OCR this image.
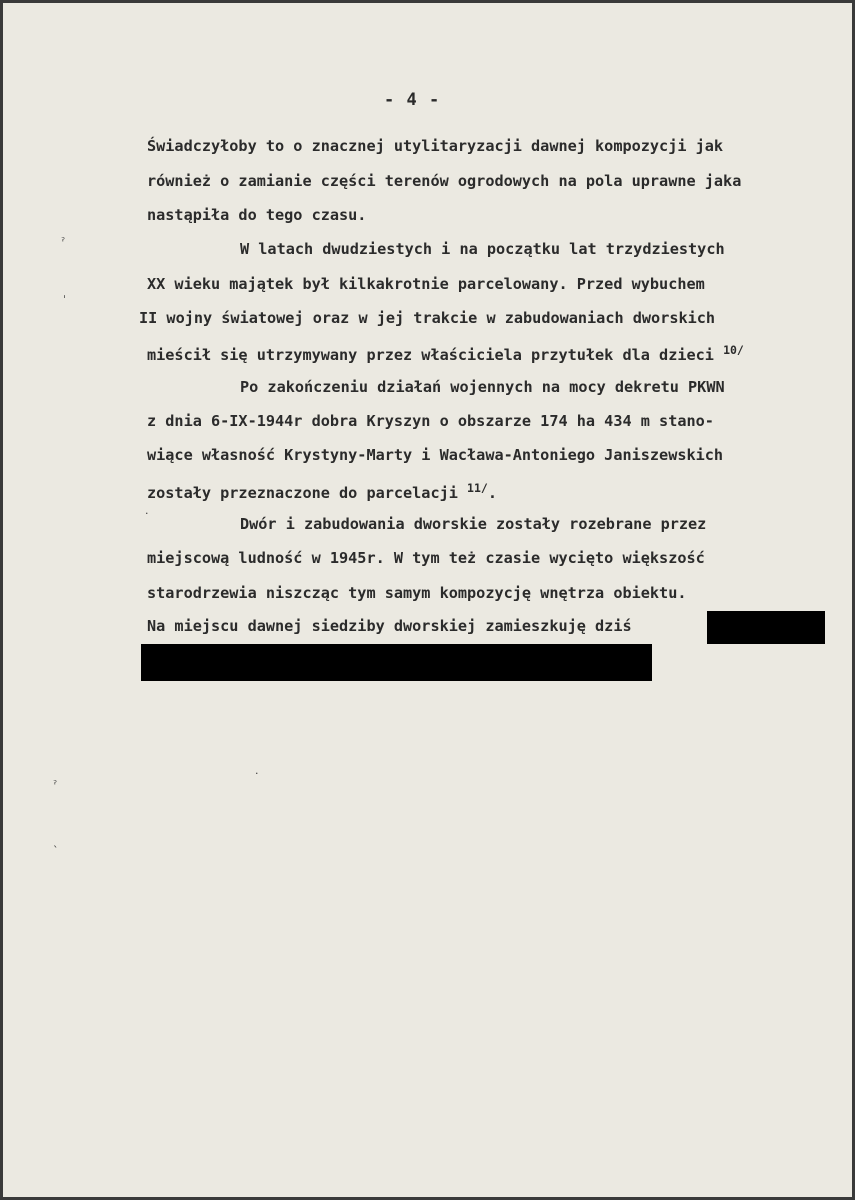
- 4 -
Świadczyłoby to o znacznej utylitaryzacji dawnej kompozycji jak
również o zamianie części terenów ogrodowych na pola uprawne jaka
nastąpiła do tego czasu.
W latach dwudziestych i na początku lat trzydziestych
XX wieku majątek był kilkakrotnie parcelowany. Przed wybuchem
II wojny światowej oraz w jej trakcie w zabudowaniach dworskich
mieścił się utrzymywany przez właściciela przytułek dla dzieci $^{10/}$
Po zakończeniu działań wojennych na mocy dekretu PKWN
z dnia 6-IX-1944r dobra Kryszyn o obszarze 174 ha 434 m stano-
wiące własność Krystyny-Marty i Wacława-Antoniego Janiszewskich
zostały przeznaczone do parcelacji $^{11/}$.
Dwór i zabudowania dworskie zostały rozebrane przez
miejscową ludność w 1945r. W tym też czasie wycięto większość
starodrzewia niszcząc tym samym kompozycję wnętrza obiektu.
Na miejscu dawnej siedziby dworskiej zamieszkuję dziś
ˀ
ˈ
·
·
ˀ
ˎ
